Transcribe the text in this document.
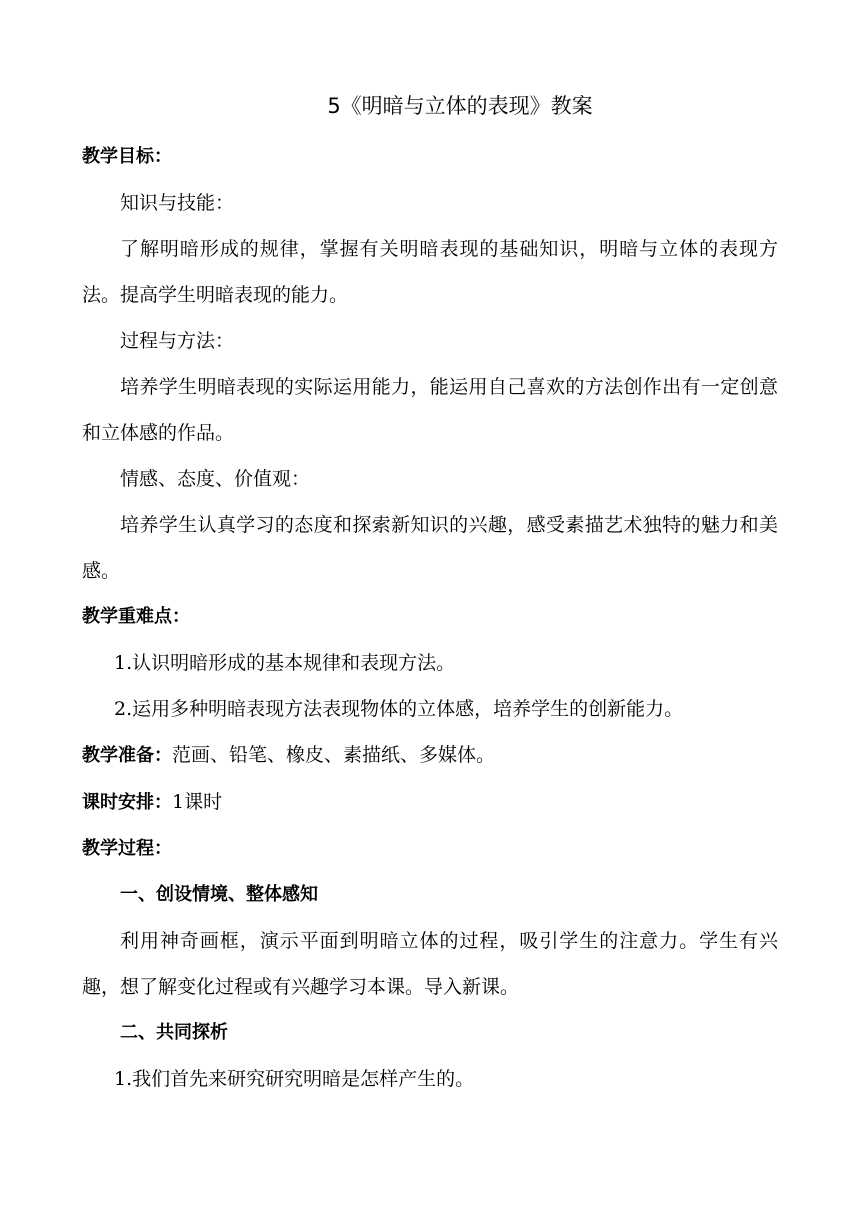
5《明暗与立体的表现》教案

教学目标：

知识与技能：

了解明暗形成的规律，掌握有关明暗表现的基础知识，明暗与立体的表现方法。提高学生明暗表现的能力。

过程与方法：

培养学生明暗表现的实际运用能力，能运用自己喜欢的方法创作出有一定创意和立体感的作品。

情感、态度、价值观：

培养学生认真学习的态度和探索新知识的兴趣，感受素描艺术独特的魅力和美感。

教学重难点：

1.认识明暗形成的基本规律和表现方法。

2.运用多种明暗表现方法表现物体的立体感，培养学生的创新能力。

教学准备：范画、铅笔、橡皮、素描纸、多媒体。

课时安排：1课时

教学过程：

一、创设情境、整体感知

利用神奇画框，演示平面到明暗立体的过程，吸引学生的注意力。学生有兴趣，想了解变化过程或有兴趣学习本课。导入新课。

二、共同探析

1.我们首先来研究研究明暗是怎样产生的。
